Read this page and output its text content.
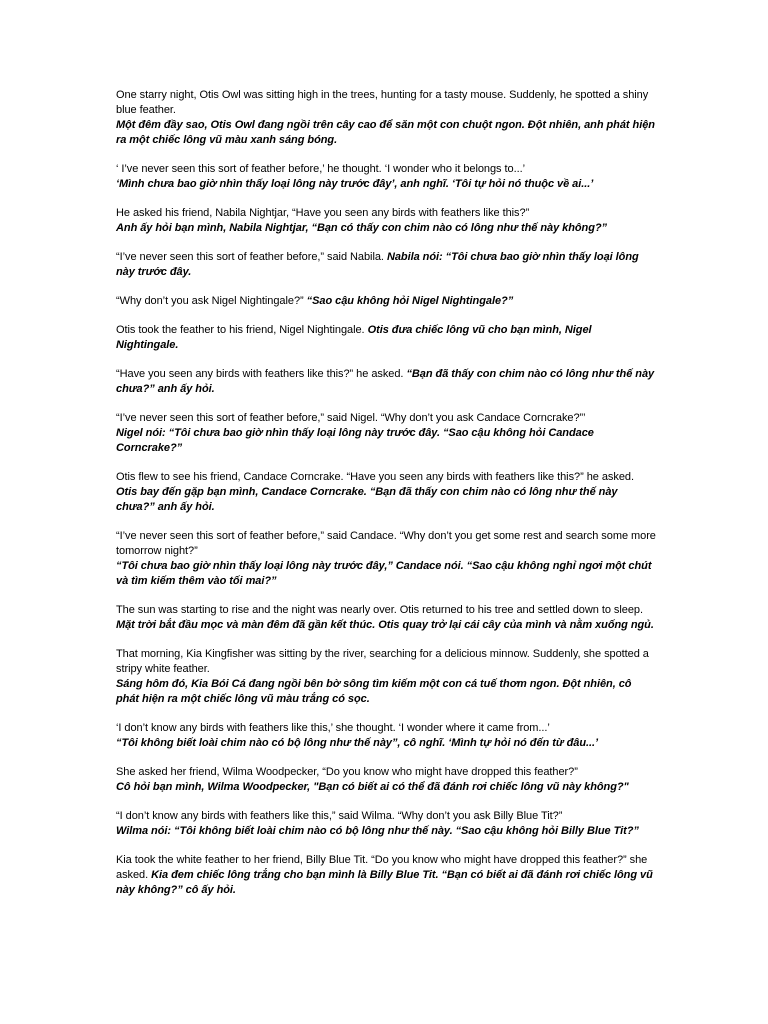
One starry night, Otis Owl was sitting high in the trees, hunting for a tasty mouse. Suddenly, he spotted a shiny blue feather.
Một đêm đầy sao, Otis Owl đang ngồi trên cây cao để săn một con chuột ngon. Đột nhiên, anh phát hiện ra một chiếc lông vũ màu xanh sáng bóng.

‘ I’ve never seen this sort of feather before,’ he thought. ‘I wonder who it belongs to...’
‘Mình chưa bao giờ nhìn thấy loại lông này trước đây’, anh nghĩ. ‘Tôi tự hỏi nó thuộc về ai...’

He asked his friend, Nabila Nightjar, “Have you seen any birds with feathers like this?”
Anh ấy hỏi bạn mình, Nabila Nightjar, “Bạn có thấy con chim nào có lông như thế này không?”

“I’ve never seen this sort of feather before,” said Nabila. Nabila nói: “Tôi chưa bao giờ nhìn thấy loại lông này trước đây.

“Why don’t you ask Nigel Nightingale?” “Sao cậu không hỏi Nigel Nightingale?”

Otis took the feather to his friend, Nigel Nightingale. Otis đưa chiếc lông vũ cho bạn mình, Nigel Nightingale.

“Have you seen any birds with feathers like this?” he asked. “Bạn đã thấy con chim nào có lông như thế này chưa?” anh ấy hỏi.

“I’ve never seen this sort of feather before,” said Nigel. “Why don’t you ask Candace Corncrake?”’
Nigel nói: “Tôi chưa bao giờ nhìn thấy loại lông này trước đây. “Sao cậu không hỏi Candace Corncrake?”

Otis flew to see his friend, Candace Corncrake. “Have you seen any birds with feathers like this?” he asked.
Otis bay đến gặp bạn mình, Candace Corncrake. “Bạn đã thấy con chim nào có lông như thế này chưa?” anh ấy hỏi.

“I’ve never seen this sort of feather before,” said Candace. “Why don’t you get some rest and search some more tomorrow night?”
“Tôi chưa bao giờ nhìn thấy loại lông này trước đây,” Candace nói. “Sao cậu không nghỉ ngơi một chút và tìm kiếm thêm vào tối mai?”

The sun was starting to rise and the night was nearly over. Otis returned to his tree and settled down to sleep. Mặt trời bắt đầu mọc và màn đêm đã gần kết thúc. Otis quay trở lại cái cây của mình và nằm xuống ngủ.

That morning, Kia Kingfisher was sitting by the river, searching for a delicious minnow. Suddenly, she spotted a stripy white feather.
Sáng hôm đó, Kia Bói Cá đang ngồi bên bờ sông tìm kiếm một con cá tuế thơm ngon. Đột nhiên, cô phát hiện ra một chiếc lông vũ màu trắng có sọc.

‘I don’t know any birds with feathers like this,’ she thought. ‘I wonder where it came from...’
“Tôi không biết loài chim nào có bộ lông như thế này”, cô nghĩ. ‘Mình tự hỏi nó đến từ đâu...’

She asked her friend, Wilma Woodpecker, “Do you know who might have dropped this feather?”
Cô hỏi bạn mình, Wilma Woodpecker, "Bạn có biết ai có thể đã đánh rơi chiếc lông vũ này không?"

“I don’t know any birds with feathers like this,” said Wilma. “Why don’t you ask Billy Blue Tit?”
Wilma nói: “Tôi không biết loài chim nào có bộ lông như thế này. “Sao cậu không hỏi Billy Blue Tit?”

Kia took the white feather to her friend, Billy Blue Tit. “Do you know who might have dropped this feather?” she asked. Kia đem chiếc lông trắng cho bạn mình là Billy Blue Tit. “Bạn có biết ai đã đánh rơi chiếc lông vũ này không?” cô ấy hỏi.
